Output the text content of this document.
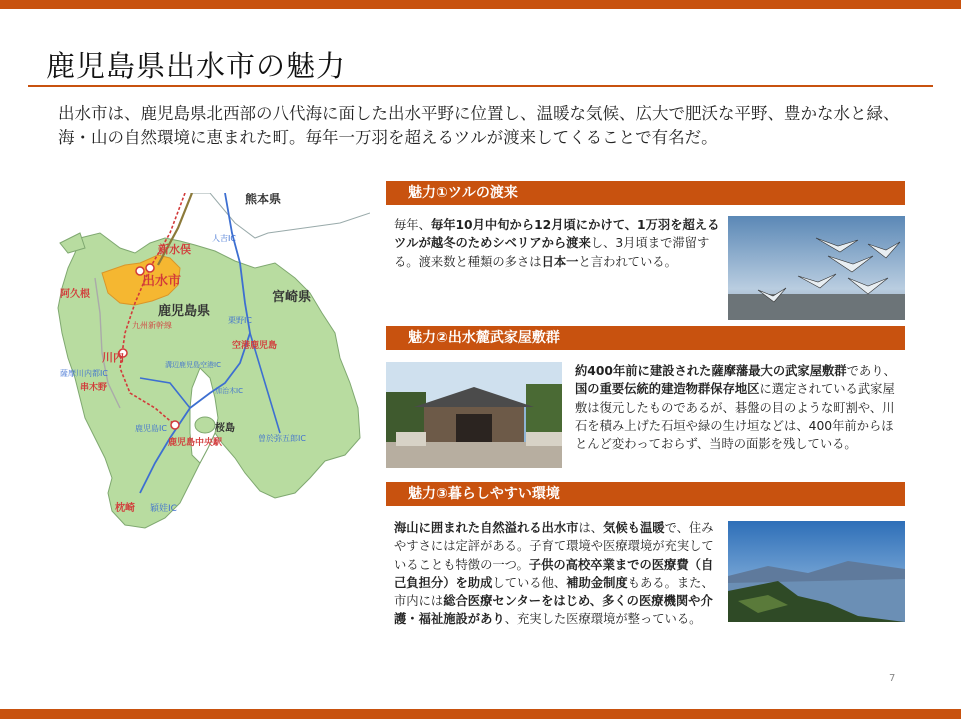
鹿児島県出水市の魅力
出水市は、鹿児島県北西部の八代海に面した出水平野に位置し、温暖な気候、広大で肥沃な平野、豊かな水と緑、海・山の自然環境に恵まれた町。毎年一万羽を超えるツルが渡来してくることで有名だ。
熊本県
新水俣
人吉IC
出水市
阿久根
鹿児島県
宮崎県
九州新幹線
栗野IC
空港鹿児島
川内
溝辺鹿児島空港IC
薩摩川内都IC
串木野	加治木IC
鹿児島IC	桜島
鹿児島中央駅	曽於弥五郎IC
枕崎 穎娃IC
魅力①ツルの渡来
毎年、毎年10月中旬から12月頃にかけて、1万羽を超えるツルが越冬のためシベリアから渡来し、3月頃まで滞留する。渡来数と種類の多さは日本一と言われている。
魅力②出水麓武家屋敷群
約400年前に建設された薩摩藩最大の武家屋敷群であり、国の重要伝統的建造物群保存地区に選定されている武家屋敷は復元したものであるが、碁盤の目のような町割や、川石を積み上げた石垣や緑の生け垣などは、400年前からほとんど変わっておらず、当時の面影を残している。
魅力③暮らしやすい環境
海山に囲まれた自然溢れる出水市は、気候も温暖で、住みやすさには定評がある。子育て環境や医療環境が充実していることも特徴の一つ。子供の高校卒業までの医療費（自己負担分）を助成している他、補助金制度もある。また、市内には総合医療センターをはじめ、多くの医療機関や介護・福祉施設があり、充実した医療環境が整っている。
7
